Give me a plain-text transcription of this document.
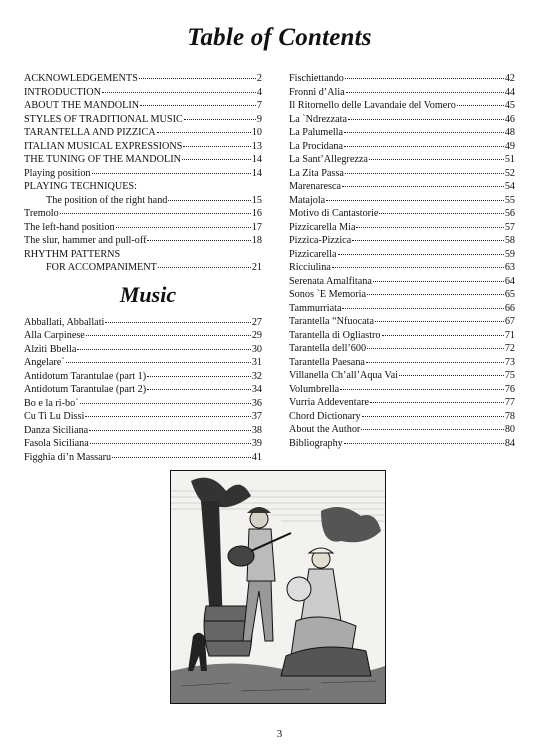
Table of Contents
ACKNOWLEDGEMENTS	2
INTRODUCTION	4
ABOUT THE MANDOLIN	7
STYLES OF TRADITIONAL MUSIC	9
TARANTELLA AND PIZZICA	10
ITALIAN MUSICAL EXPRESSIONS	13
THE TUNING OF THE MANDOLIN	14
Playing position	14
PLAYING TECHNIQUES:
The position of the right hand	15
Tremolo	16
The left-hand position	17
The slur, hammer and pull-off	18
RHYTHM PATTERNS
FOR ACCOMPANIMENT	21
Music
Abballati, Abballati	27
Alla Carpinese	29
Alziti Bbella	30
Angelare`	31
Antidotum Tarantulae (part 1)	32
Antidotum Tarantulae (part 2)	34
Bo e la ri-bo`	36
Cu Ti Lu Dissi	37
Danza Siciliana	38
Fasola Siciliana	39
Figghia di’n Massaru	41
Fischiettando	42
Fronni d’Alia	44
Il Ritornello delle Lavandaie del Vomero	45
La `Ndrezzata	46
La Palumella	48
La Procidana	49
La Sant’Allegrezza	51
La Zita Passa	52
Marenaresca	54
Matajola	55
Motivo di Cantastorie	56
Pizzicarella Mia	57
Pizzica-Pizzica	58
Pizzicarella	59
Ricciulina	63
Serenata Amalfitana	64
Sonos `E Memoria	65
Tammurriata	66
Tarantella “Nfuocata	67
Tarantella di Ogliastro	71
Tarantella dell’600	72
Tarantella Paesana	73
Villanella Ch’all’Aqua Vai	75
Volumbrella	76
Vurria Addeventare	77
Chord Dictionary	78
About the Author	80
Bibliography	84
3
